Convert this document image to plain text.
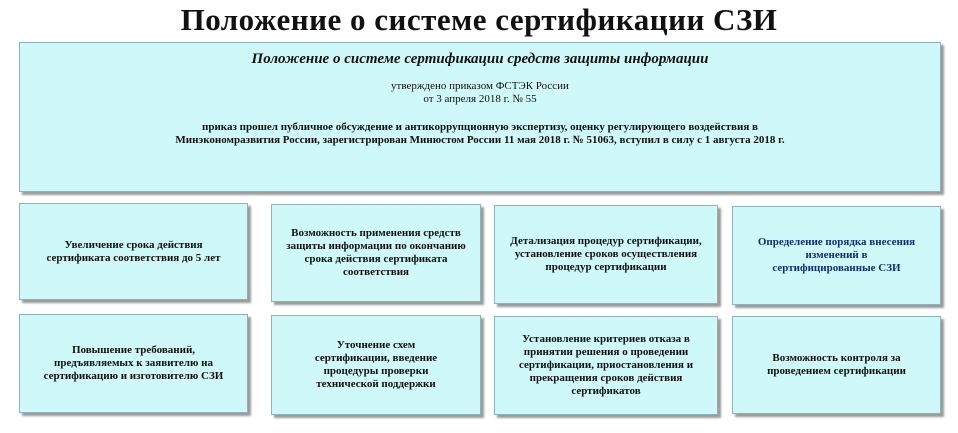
Положение о системе сертификации СЗИ
Положение о системе сертификации средств защиты информации
утверждено приказом ФСТЭК России
от 3 апреля 2018 г. № 55
приказ прошел публичное обсуждение и антикоррупционную экспертизу, оценку регулирующего воздействия в
Минэкономразвития России, зарегистрирован Минюстом России 11 мая 2018 г. № 51063, вступил в силу с 1 августа 2018 г.
Увеличение срока действия сертификата соответствия до 5 лет
Возможность применения средств защиты информации по окончанию срока действия сертификата соответствия
Детализация процедур сертификации, установление сроков осуществления процедур сертификации
Определение порядка внесения изменений в сертифицированные СЗИ
Повышение требований, предъявляемых к заявителю на сертификацию и изготовителю СЗИ
Уточнение схем сертификации, введение процедуры проверки технической поддержки
Установление критериев отказа в принятии решения о проведении сертификации, приостановления и прекращения сроков действия сертификатов
Возможность контроля за проведением сертификации
